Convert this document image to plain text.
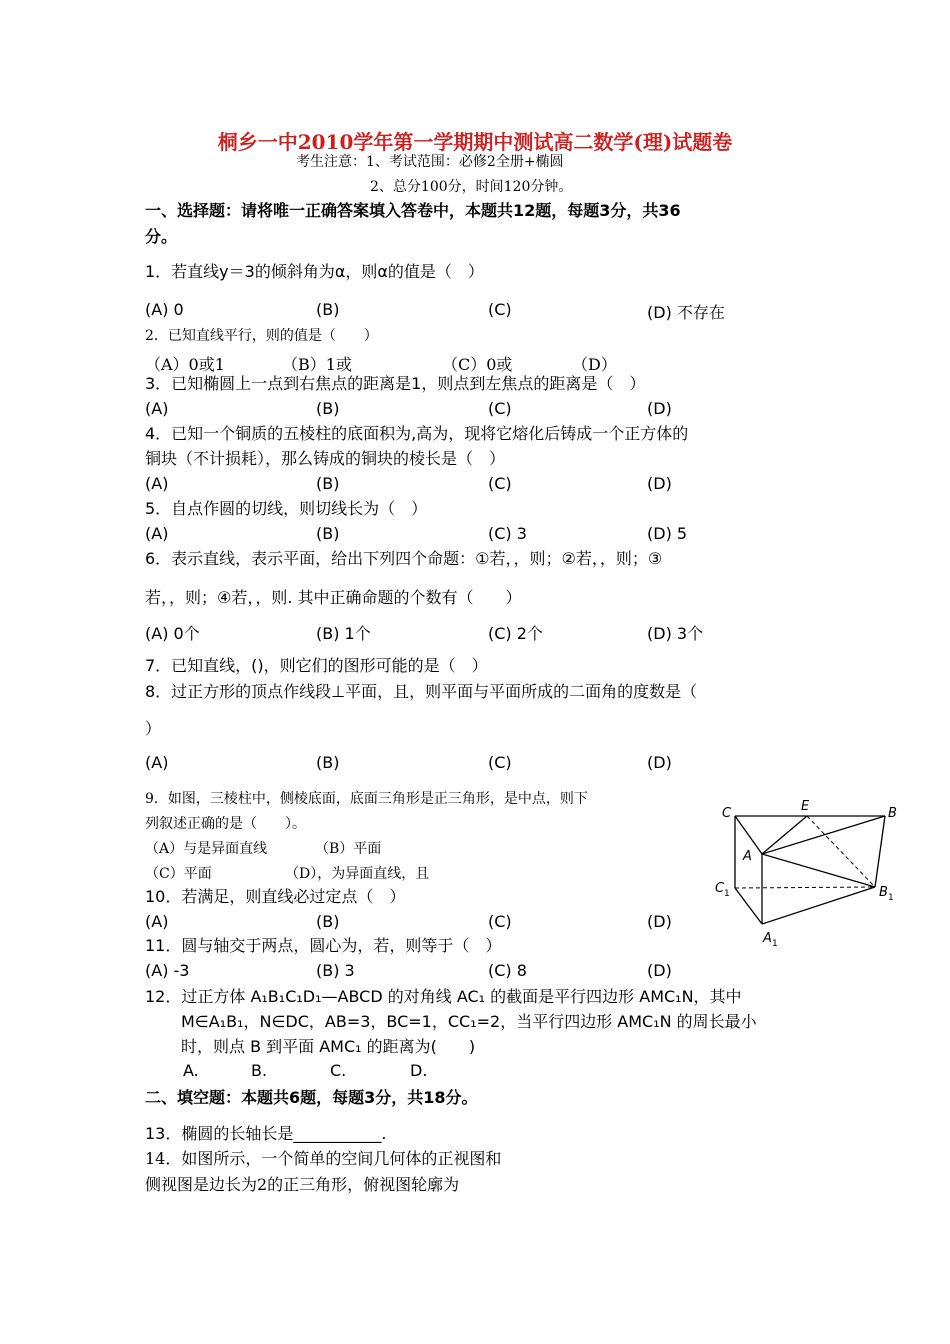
桐乡一中2010学年第一学期期中测试高二数学(理)试题卷
考生注意：1、考试范围：必修2全册+椭圆
2、总分100分，时间120分钟。
一、选择题：请将唯一正确答案填入答卷中，本题共12题，每题3分，共36
分。
1．若直线y＝3的倾斜角为α，则α的值是（　）
(A) 0	(B)	(C)	(D) 不存在
2．已知直线平行，则的值是（　　）
（A）0或1	（B）1或	（C）0或	（D）
3．已知椭圆上一点到右焦点的距离是1，则点到左焦点的距离是（　）
(A)	(B)	(C)	(D)
4．已知一个铜质的五棱柱的底面积为,高为，现将它熔化后铸成一个正方体的
铜块（不计损耗），那么铸成的铜块的棱长是（　）
(A)	(B)	(C)	(D)
5．自点作圆的切线，则切线长为（　）
(A)	(B)	(C) 3	(D) 5
6．表示直线，表示平面，给出下列四个命题：①若，，则；②若，，则；③
若，，则；④若，，则. 其中正确命题的个数有（　　）
(A) 0个	(B) 1个	(C) 2个	(D) 3个
7．已知直线，()，则它们的图形可能的是（　）
8．过正方形的顶点作线段⊥平面，且，则平面与平面所成的二面角的度数是（
）
(A)	(B)	(C)	(D)
9．如图，三棱柱中，侧棱底面，底面三角形是正三角形，是中点，则下
列叙述正确的是（　　）。
（A）与是异面直线	（B）平面
（C）平面	（D），为异面直线，且
C	E	B
A
C 1	B 1
A 1
10．若满足，则直线必过定点（　）
(A)	(B)	(C)	(D)
11．圆与轴交于两点，圆心为，若，则等于（　）
(A) -3	(B) 3	(C) 8	(D)
12．过正方体 A₁B₁C₁D₁—ABCD 的对角线 AC₁ 的截面是平行四边形 AMC₁N，其中
M∈A₁B₁，N∈DC，AB=3，BC=1，CC₁=2，当平行四边形 AMC₁N 的周长最小
时，则点 B 到平面 AMC₁ 的距离为(　　)
A.	B.	C.	D.
二、填空题：本题共6题，每题3分，共18分。
13．椭圆的长轴长是___________.
14．如图所示，一个简单的空间几何体的正视图和
侧视图是边长为2的正三角形，俯视图轮廓为
